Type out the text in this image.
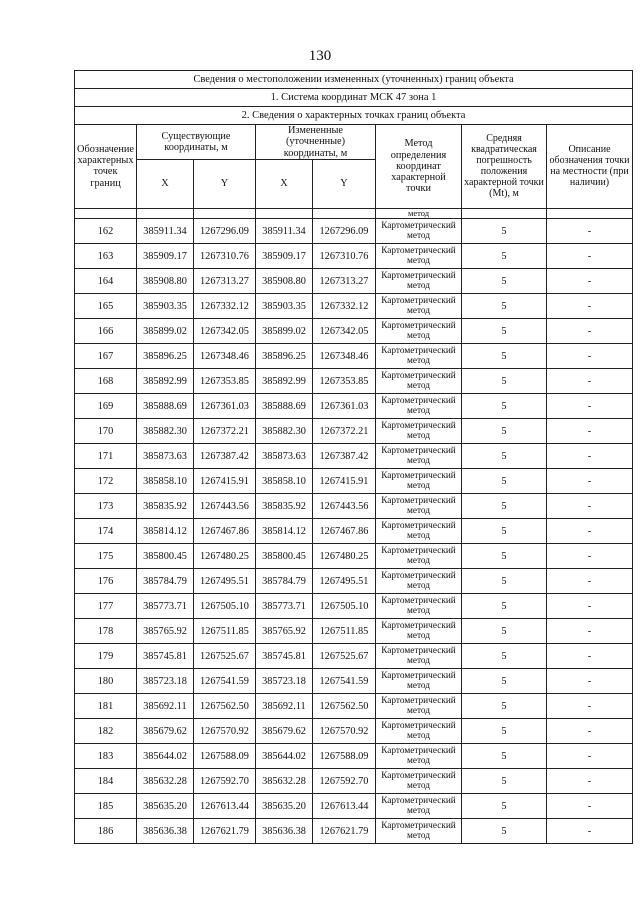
130
Сведения о местоположении измененных (уточненных) границ объекта							
1. Система координат МСК 47 зона 1							
2. Сведения о характерных точках границ объекта							
Обозначение характерных точек границ	Существующие координаты, м		Измененные (уточненные) координаты, м		Метод определения координат характерной точки	Средняя квадратическая погрешность положения характерной точки (Mt), м	Описание обозначения точки на местности (при наличии)
	X	Y	X	Y			
					метод		
162	385911.34	1267296.09	385911.34	1267296.09	Картометрический метод	5	-
163	385909.17	1267310.76	385909.17	1267310.76	Картометрический метод	5	-
164	385908.80	1267313.27	385908.80	1267313.27	Картометрический метод	5	-
165	385903.35	1267332.12	385903.35	1267332.12	Картометрический метод	5	-
166	385899.02	1267342.05	385899.02	1267342.05	Картометрический метод	5	-
167	385896.25	1267348.46	385896.25	1267348.46	Картометрический метод	5	-
168	385892.99	1267353.85	385892.99	1267353.85	Картометрический метод	5	-
169	385888.69	1267361.03	385888.69	1267361.03	Картометрический метод	5	-
170	385882.30	1267372.21	385882.30	1267372.21	Картометрический метод	5	-
171	385873.63	1267387.42	385873.63	1267387.42	Картометрический метод	5	-
172	385858.10	1267415.91	385858.10	1267415.91	Картометрический метод	5	-
173	385835.92	1267443.56	385835.92	1267443.56	Картометрический метод	5	-
174	385814.12	1267467.86	385814.12	1267467.86	Картометрический метод	5	-
175	385800.45	1267480.25	385800.45	1267480.25	Картометрический метод	5	-
176	385784.79	1267495.51	385784.79	1267495.51	Картометрический метод	5	-
177	385773.71	1267505.10	385773.71	1267505.10	Картометрический метод	5	-
178	385765.92	1267511.85	385765.92	1267511.85	Картометрический метод	5	-
179	385745.81	1267525.67	385745.81	1267525.67	Картометрический метод	5	-
180	385723.18	1267541.59	385723.18	1267541.59	Картометрический метод	5	-
181	385692.11	1267562.50	385692.11	1267562.50	Картометрический метод	5	-
182	385679.62	1267570.92	385679.62	1267570.92	Картометрический метод	5	-
183	385644.02	1267588.09	385644.02	1267588.09	Картометрический метод	5	-
184	385632.28	1267592.70	385632.28	1267592.70	Картометрический метод	5	-
185	385635.20	1267613.44	385635.20	1267613.44	Картометрический метод	5	-
186	385636.38	1267621.79	385636.38	1267621.79	Картометрический метод	5	-
